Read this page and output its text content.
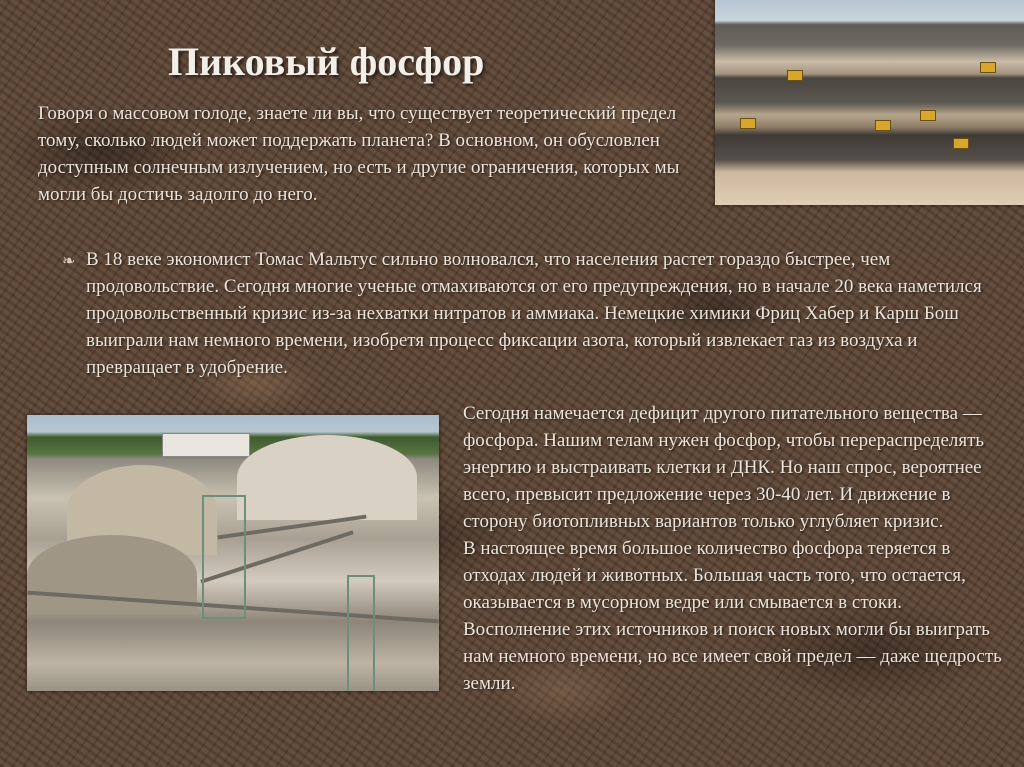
Пиковый фосфор

Говоря о массовом голоде, знаете ли вы, что существует теоретический предел тому, сколько людей может поддержать планета? В основном, он обусловлен доступным солнечным излучением, но есть и другие ограничения, которых мы могли бы достичь задолго до него.

❧ В 18 веке экономист Томас Мальтус сильно волновался, что населения растет гораздо быстрее, чем продовольствие. Сегодня многие ученые отмахиваются от его предупреждения, но в начале 20 века наметился продовольственный кризис из-за нехватки нитратов и аммиака. Немецкие химики Фриц Хабер и Карш Бош выиграли нам немного времени, изобретя процесс фиксации азота, который извлекает газ из воздуха и превращает в удобрение.

Сегодня намечается дефицит другого питательного вещества — фосфора. Нашим телам нужен фосфор, чтобы перераспределять энергию и выстраивать клетки и ДНК. Но наш спрос, вероятнее всего, превысит предложение через 30-40 лет. И движение в сторону биотопливных вариантов только углубляет кризис.
В настоящее время большое количество фосфора теряется в отходах людей и животных. Большая часть того, что остается, оказывается в мусорном ведре или смывается в стоки. Восполнение этих источников и поиск новых могли бы выиграть нам немного времени, но все имеет свой предел — даже щедрость земли.
